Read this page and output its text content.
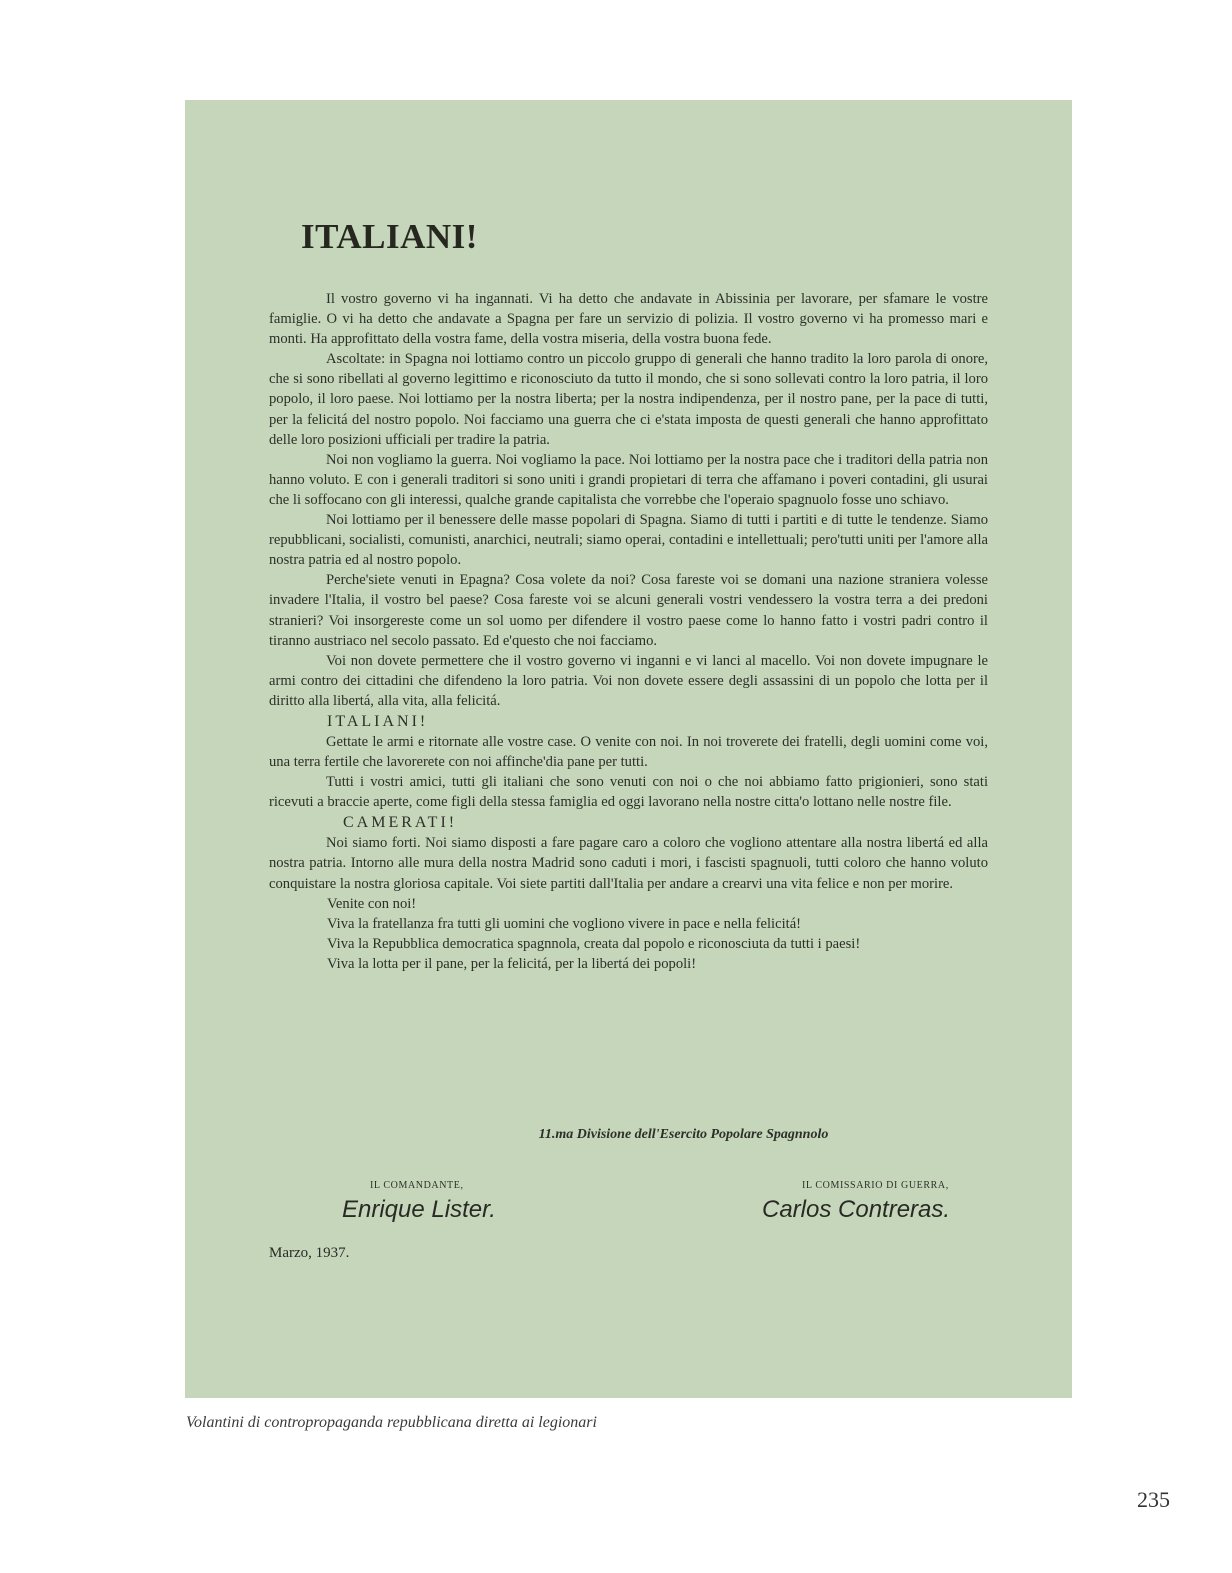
ITALIANI!

Il vostro governo vi ha ingannati. Vi ha detto che andavate in Abissinia per lavorare, per sfamare le vostre famiglie. O vi ha detto che andavate a Spagna per fare un servizio di polizia. Il vostro governo vi ha promesso mari e monti. Ha approfittato della vostra fame, della vostra miseria, della vostra buona fede.

Ascoltate: in Spagna noi lottiamo contro un piccolo gruppo di generali che hanno tradito la loro parola di onore, che si sono ribellati al governo legittimo e riconosciuto da tutto il mondo, che si sono sollevati contro la loro patria, il loro popolo, il loro paese. Noi lottiamo per la nostra liberta; per la nostra indipendenza, per il nostro pane, per la pace di tutti, per la felicitá del nostro popolo. Noi facciamo una guerra che ci e'stata imposta de questi generali che hanno approfittato delle loro posizioni ufficiali per tradire la patria.

Noi non vogliamo la guerra. Noi vogliamo la pace. Noi lottiamo per la nostra pace che i traditori della patria non hanno voluto. E con i generali traditori si sono uniti i grandi propietari di terra che affamano i poveri contadini, gli usurai che li soffocano con gli interessi, qualche grande capitalista che vorrebbe che l'operaio spagnuolo fosse uno schiavo.

Noi lottiamo per il benessere delle masse popolari di Spagna. Siamo di tutti i partiti e di tutte le tendenze. Siamo repubblicani, socialisti, comunisti, anarchici, neutrali; siamo operai, contadini e intellettuali; pero'tutti uniti per l'amore alla nostra patria ed al nostro popolo.

Perche'siete venuti in Epagna? Cosa volete da noi? Cosa fareste voi se domani una nazione straniera volesse invadere l'Italia, il vostro bel paese? Cosa fareste voi se alcuni generali vostri vendessero la vostra terra a dei predoni stranieri? Voi insorgereste come un sol uomo per difendere il vostro paese come lo hanno fatto i vostri padri contro il tiranno austriaco nel secolo passato. Ed e'questo che noi facciamo.

Voi non dovete permettere che il vostro governo vi inganni e vi lanci al macello. Voi non dovete impugnare le armi contro dei cittadini che difendeno la loro patria. Voi non dovete essere degli assassini di un popolo che lotta per il diritto alla libertá, alla vita, alla felicitá.

ITALIANI!

Gettate le armi e ritornate alle vostre case. O venite con noi. In noi troverete dei fratelli, degli uomini come voi, una terra fertile che lavorerete con noi affinche'dia pane per tutti.

Tutti i vostri amici, tutti gli italiani che sono venuti con noi o che noi abbiamo fatto prigionieri, sono stati ricevuti a braccie aperte, come figli della stessa famiglia ed oggi lavorano nella nostre citta'o lottano nelle nostre file.

CAMERATI!

Noi siamo forti. Noi siamo disposti a fare pagare caro a coloro che vogliono attentare alla nostra libertá ed alla nostra patria. Intorno alle mura della nostra Madrid sono caduti i mori, i fascisti spagnuoli, tutti coloro che hanno voluto conquistare la nostra gloriosa capitale. Voi siete partiti dall'Italia per andare a crearvi una vita felice e non per morire.

Venite con noi!

Viva la fratellanza fra tutti gli uomini che vogliono vivere in pace e nella felicitá!

Viva la Repubblica democratica spagnnola, creata dal popolo e riconosciuta da tutti i paesi!

Viva la lotta per il pane, per la felicitá, per la libertá dei popoli!

11.ma Divisione dell'Esercito Popolare Spagnnolo
IL COMANDANTE,
Enrique Lister.
IL COMISSARIO DI GUERRA,
Carlos Contreras.
Marzo, 1937.

Volantini di contropropaganda repubblicana diretta ai legionari

235
